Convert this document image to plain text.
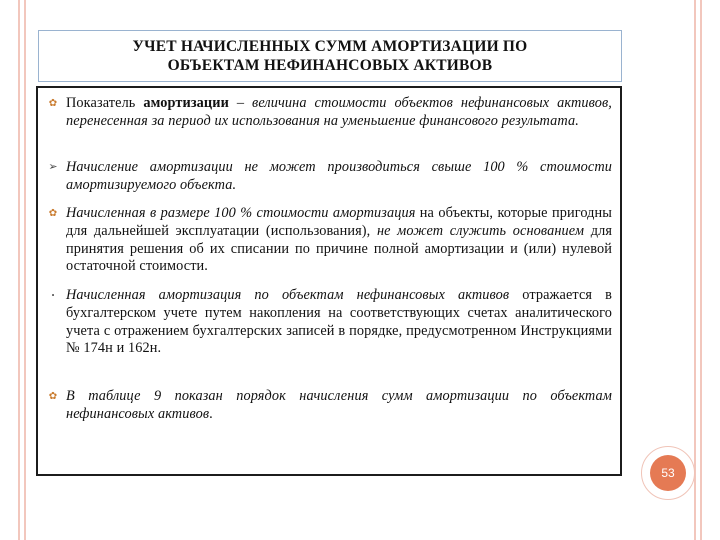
УЧЕТ НАЧИСЛЕННЫХ СУММ АМОРТИЗАЦИИ ПО
ОБЪЕКТАМ НЕФИНАНСОВЫХ АКТИВОВ
✿ Показатель амортизации – величина стоимости объектов нефинансовых активов, перенесенная за период их использования на уменьшение финансового результата.
➢ Начисление амортизации не может производиться свыше 100 % стоимости амортизируемого объекта.
✿ Начисленная в размере 100 % стоимости амортизация на объекты, которые пригодны для дальнейшей эксплуатации (использования), не может служить основанием для принятия решения об их списании по причине полной амортизации и (или) нулевой остаточной стоимости.
• Начисленная амортизация по объектам нефинансовых активов отражается в бухгалтерском учете путем накопления на соответствующих счетах аналитического учета с отражением бухгалтерских записей в порядке, предусмотренном Инструкциями № 174н и 162н.
✿ В таблице 9 показан порядок начисления сумм амортизации по объектам нефинансовых активов.
53
